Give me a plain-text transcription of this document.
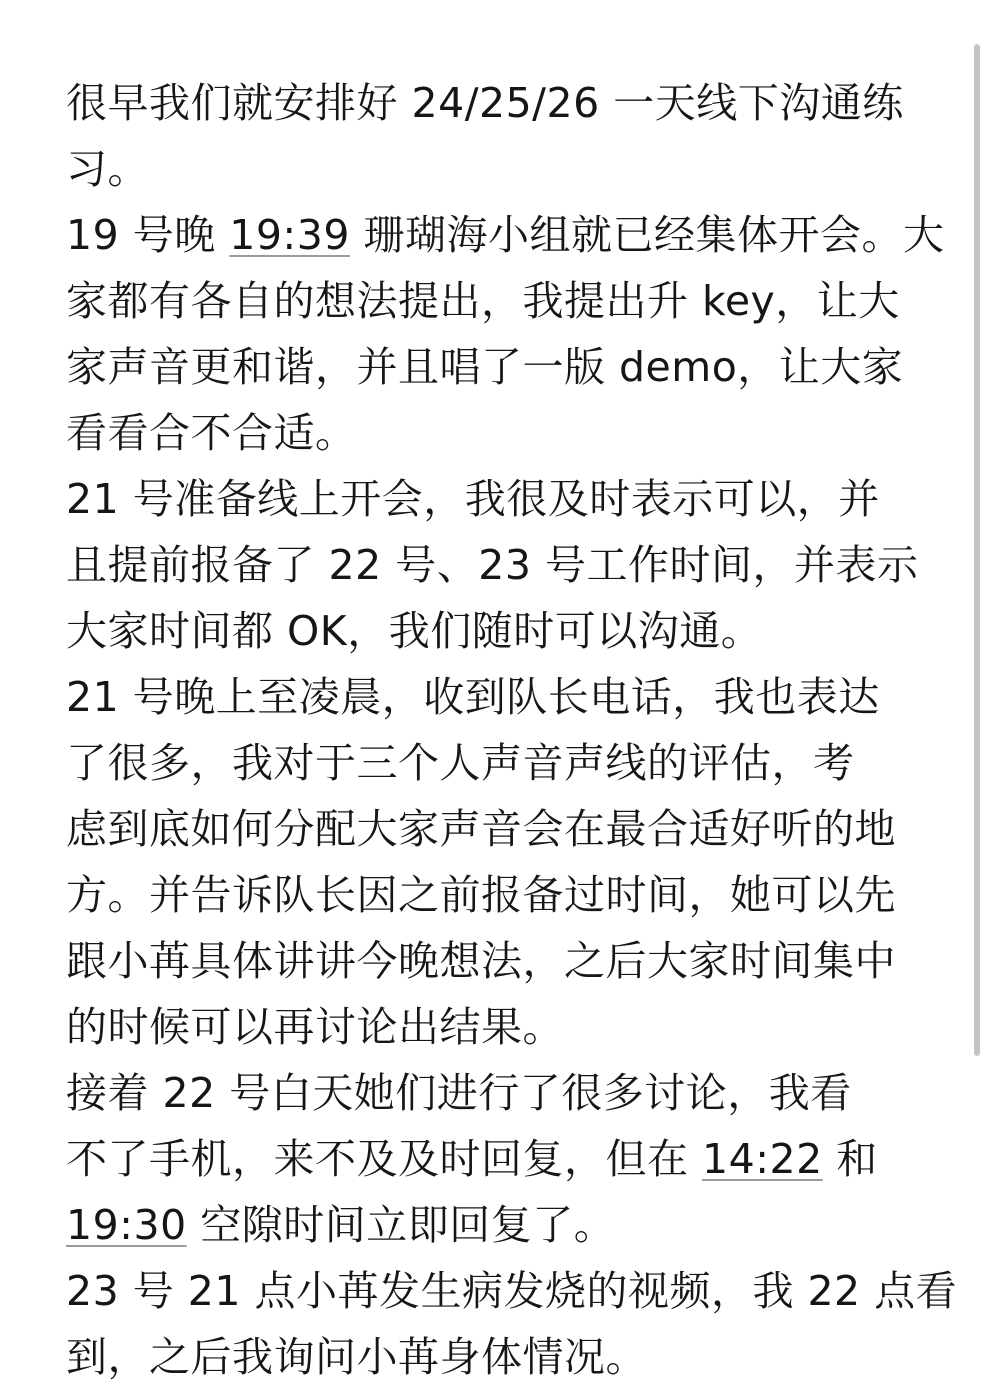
很早我们就安排好 24/25/26 一天线下沟通练
习。
19 号晚 19:39 珊瑚海小组就已经集体开会。大
家都有各自的想法提出，我提出升 key，让大
家声音更和谐，并且唱了一版 demo，让大家
看看合不合适。
21 号准备线上开会，我很及时表示可以，并
且提前报备了 22 号、23 号工作时间，并表示
大家时间都 OK，我们随时可以沟通。
21 号晚上至凌晨，收到队长电话，我也表达
了很多，我对于三个人声音声线的评估，考
虑到底如何分配大家声音会在最合适好听的地
方。并告诉队长因之前报备过时间，她可以先
跟小苒具体讲讲今晚想法，之后大家时间集中
的时候可以再讨论出结果。
接着 22 号白天她们进行了很多讨论，我看
不了手机，来不及及时回复，但在 14:22 和
19:30 空隙时间立即回复了。
23 号 21 点小苒发生病发烧的视频，我 22 点看
到，之后我询问小苒身体情况。
